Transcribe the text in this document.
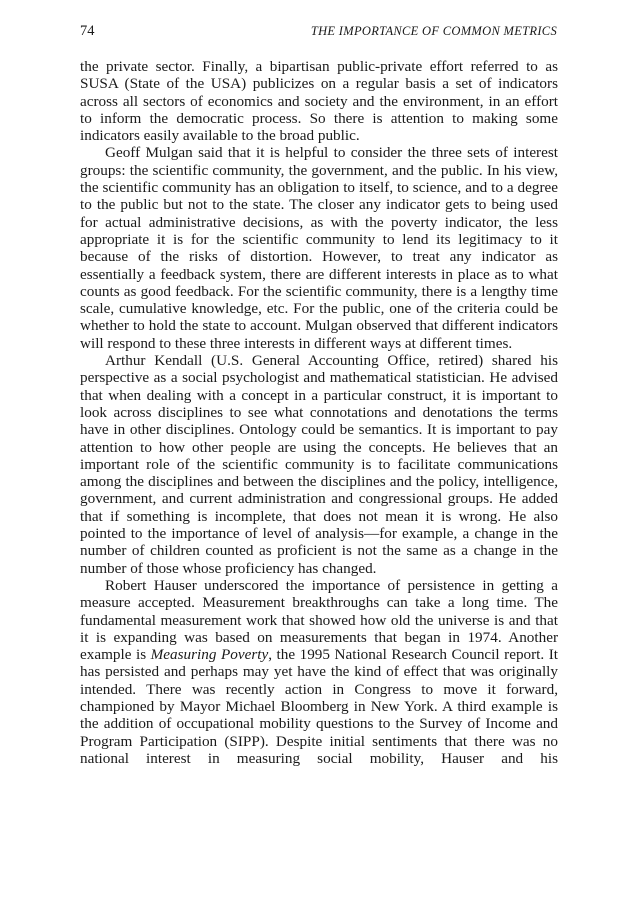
74	THE IMPORTANCE OF COMMON METRICS

the private sector. Finally, a bipartisan public-private effort referred to as SUSA (State of the USA) publicizes on a regular basis a set of indicators across all sectors of economics and society and the environment, in an effort to inform the democratic process. So there is attention to making some indicators easily available to the broad public.

Geoff Mulgan said that it is helpful to consider the three sets of interest groups: the scientific community, the government, and the public. In his view, the scientific community has an obligation to itself, to science, and to a degree to the public but not to the state. The closer any indicator gets to being used for actual administrative decisions, as with the poverty indicator, the less appropriate it is for the scientific community to lend its legitimacy to it because of the risks of distortion. However, to treat any indicator as essentially a feedback system, there are different interests in place as to what counts as good feedback. For the scientific community, there is a lengthy time scale, cumulative knowledge, etc. For the public, one of the criteria could be whether to hold the state to account. Mulgan observed that different indicators will respond to these three interests in different ways at different times.

Arthur Kendall (U.S. General Accounting Office, retired) shared his perspective as a social psychologist and mathematical statistician. He advised that when dealing with a concept in a particular construct, it is important to look across disciplines to see what connotations and denotations the terms have in other disciplines. Ontology could be semantics. It is important to pay attention to how other people are using the concepts. He believes that an important role of the scientific community is to facilitate communications among the disciplines and between the disciplines and the policy, intelligence, government, and current administration and congressional groups. He added that if something is incomplete, that does not mean it is wrong. He also pointed to the importance of level of analysis—for example, a change in the number of children counted as proficient is not the same as a change in the number of those whose proficiency has changed.

Robert Hauser underscored the importance of persistence in getting a measure accepted. Measurement breakthroughs can take a long time. The fundamental measurement work that showed how old the universe is and that it is expanding was based on measurements that began in 1974. Another example is Measuring Poverty, the 1995 National Research Council report. It has persisted and perhaps may yet have the kind of effect that was originally intended. There was recently action in Congress to move it forward, championed by Mayor Michael Bloomberg in New York. A third example is the addition of occupational mobility questions to the Survey of Income and Program Participation (SIPP). Despite initial sentiments that there was no national interest in measuring social mobility, Hauser and his
